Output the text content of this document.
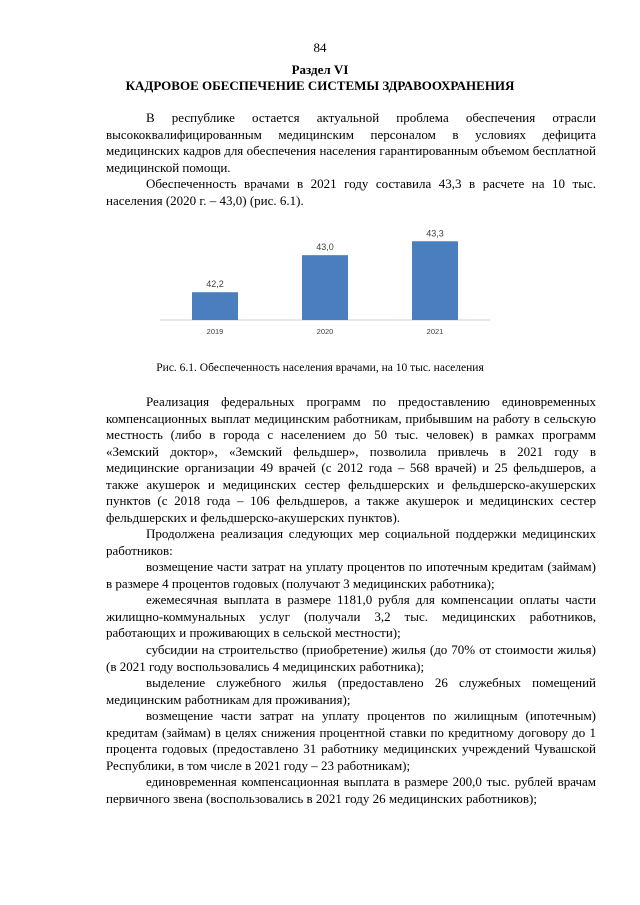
84
Раздел VI
КАДРОВОЕ ОБЕСПЕЧЕНИЕ СИСТЕМЫ ЗДРАВООХРАНЕНИЯ

В республике остается актуальной проблема обеспечения отрасли высококвалифицированным медицинским персоналом в условиях дефицита медицинских кадров для обеспечения населения гарантированным объемом бесплатной медицинской помощи.

Обеспеченность врачами в 2021 году составила 43,3 в расчете на 10 тыс. населения (2020 г. – 43,0) (рис. 6.1).

42,2
2019
43,0
2020
43,3
2021
Рис. 6.1. Обеспеченность населения врачами, на 10 тыс. населения

Реализация федеральных программ по предоставлению единовременных компенсационных выплат медицинским работникам, прибывшим на работу в сельскую местность (либо в города с населением до 50 тыс. человек) в рамках программ «Земский доктор», «Земский фельдшер», позволила привлечь в 2021 году в медицинские организации 49 врачей (с 2012 года – 568 врачей) и 25 фельдшеров, а также акушерок и медицинских сестер фельдшерских и фельдшерско-акушерских пунктов (с 2018 года – 106 фельдшеров, а также акушерок и медицинских сестер фельдшерских и фельдшерско-акушерских пунктов).

Продолжена реализация следующих мер социальной поддержки медицинских работников:

возмещение части затрат на уплату процентов по ипотечным кредитам (займам) в размере 4 процентов годовых (получают 3 медицинских работника);

ежемесячная выплата в размере 1181,0 рубля для компенсации оплаты части жилищно-коммунальных услуг (получали 3,2 тыс. медицинских работников, работающих и проживающих в сельской местности);

субсидии на строительство (приобретение) жилья (до 70% от стоимости жилья) (в 2021 году воспользовались 4 медицинских работника);

выделение служебного жилья (предоставлено 26 служебных помещений медицинским работникам для проживания);

возмещение части затрат на уплату процентов по жилищным (ипотечным) кредитам (займам) в целях снижения процентной ставки по кредитному договору до 1 процента годовых (предоставлено 31 работнику медицинских учреждений Чувашской Республики, в том числе в 2021 году – 23 работникам);

единовременная компенсационная выплата в размере 200,0 тыс. рублей врачам первичного звена (воспользовались в 2021 году 26 медицинских работников);
